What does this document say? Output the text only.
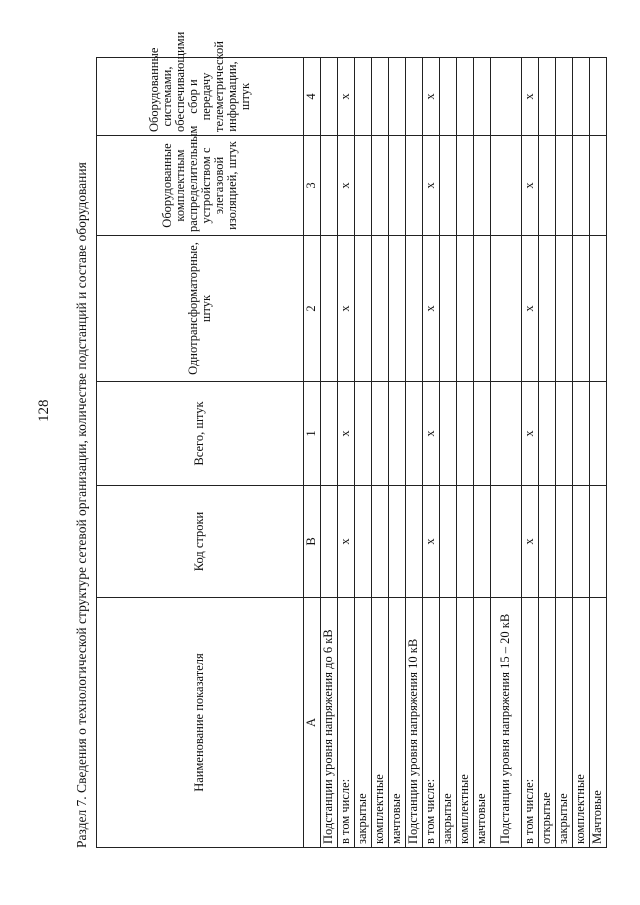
128 Раздел 7. Сведения о технологической структуре сетевой организации, количестве подстанций и составе оборудования	Наименование показателя	Код строки	Всего, штук	Однотрансформаторные, штук	Оборудованные комплектным распределительным устройством с элегазовой изоляцией, штук	Оборудованные системами, обеспечивающими сбор и передачу телеметрической информации, штук
А	В	1	2	3	4
Подстанции уровня напряжения до 6 кВ					
в том числе:	х	х	х	х	х
закрытые					
комплектные					
мачтовые					
Подстанции уровня напряжения 10 кВ					
в том числе:	х	х	х	х	х
закрытые					
комплектные					
мачтовые					
Подстанции уровня напряжения 15 – 20 кВ					
в том числе:	х	х	х	х	х
открытые					
закрытые					
комплектные					
Мачтовые					
